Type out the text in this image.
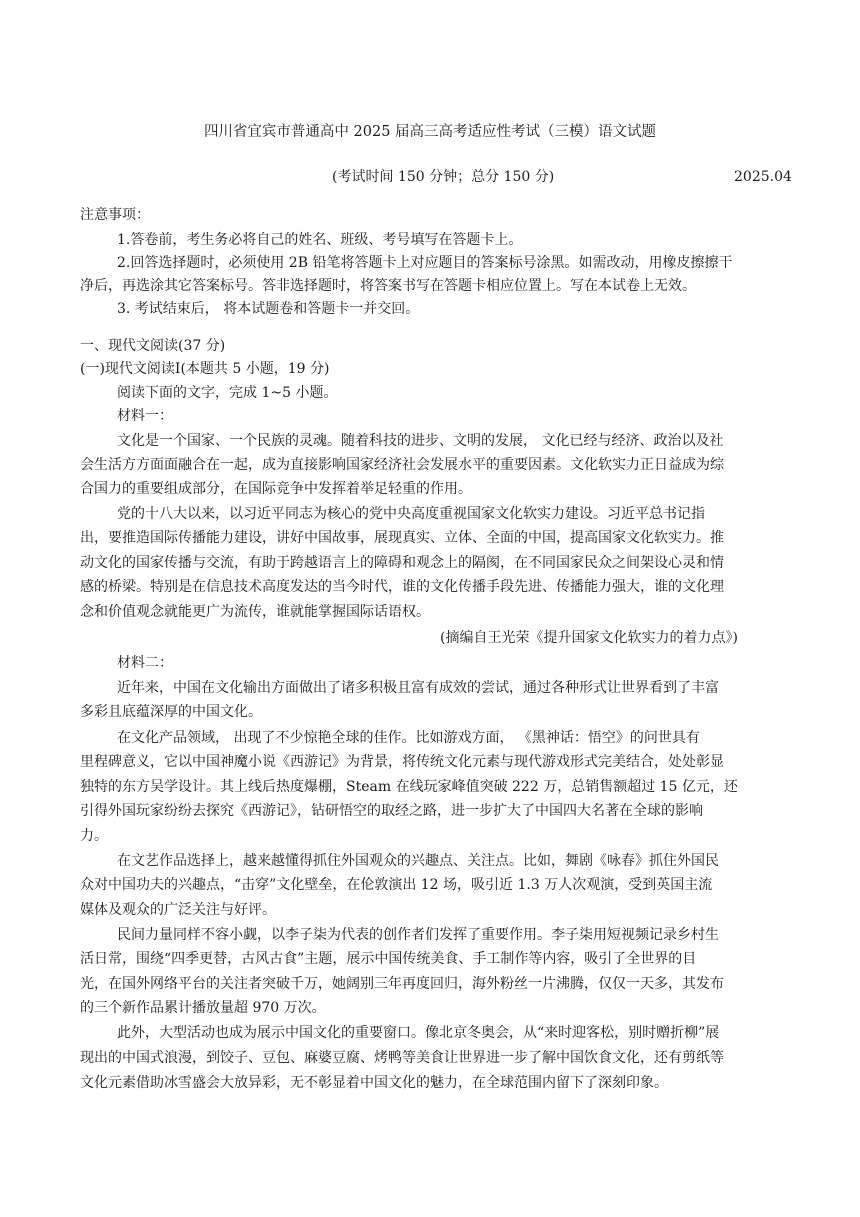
四川省宜宾市普通高中 2025 届高三高考适应性考试（三模）语文试题
(考试时间 150 分钟；总分 150 分)	2025.04
注意事项：
1.答卷前，考生务必将自己的姓名、班级、考号填写在答题卡上。
2.回答选择题时，必须使用 2B 铅笔将答题卡上对应题目的答案标号涂黑。如需改动，用橡皮擦擦干
净后，再选涂其它答案标号。答非选择题时，将答案书写在答题卡相应位置上。写在本试卷上无效。
3. 考试结束后， 将本试题卷和答题卡一并交回。
一、现代文阅读(37 分)
(一)现代文阅读Ⅰ(本题共 5 小题，19 分)
阅读下面的文字，完成 1~5 小题。
材料一：
文化是一个国家、一个民族的灵魂。随着科技的进步、文明的发展， 文化已经与经济、政治以及社
会生活方方面面融合在一起，成为直接影响国家经济社会发展水平的重要因素。文化软实力正日益成为综
合国力的重要组成部分，在国际竞争中发挥着举足轻重的作用。
党的十八大以来，以习近平同志为核心的党中央高度重视国家文化软实力建设。习近平总书记指
出，要推造国际传播能力建设，讲好中国故事，展现真实、立体、全面的中国，提高国家文化软实力。推
动文化的国家传播与交流，有助于跨越语言上的障碍和观念上的隔阂，在不同国家民众之间架设心灵和情
感的桥梁。特别是在信息技术高度发达的当今时代，谁的文化传播手段先进、传播能力强大，谁的文化理
念和价值观念就能更广为流传，谁就能掌握国际话语权。
(摘编自王光荣《提升国家文化软实力的着力点》)
材料二：
近年来，中国在文化输出方面做出了诸多积极且富有成效的尝试，通过各种形式让世界看到了丰富
多彩且底蕴深厚的中国文化。
在文化产品领域， 出现了不少惊艳全球的佳作。比如游戏方面， 《黑神话：悟空》的问世具有
里程碑意义，它以中国神魔小说《西游记》为背景，将传统文化元素与现代游戏形式完美结合，处处彰显
独特的东方吴学设计。其上线后热度爆棚，Steam 在线玩家峰值突破 222 万，总销售额超过 15 亿元，还
引得外国玩家纷纷去探究《西游记》，钻研悟空的取经之路，进一步扩大了中国四大名著在全球的影响
力。
在文艺作品选择上，越来越懂得抓住外国观众的兴趣点、关注点。比如，舞剧《咏春》抓住外国民
众对中国功夫的兴趣点，“击穿”文化壁垒，在伦敦演出 12 场，吸引近 1.3 万人次观演，受到英国主流
媒体及观众的广泛关注与好评。
民间力量同样不容小觑，以李子柒为代表的创作者们发挥了重要作用。李子柒用短视频记录乡村生
活日常，围绕“四季更替，古风古食”主题，展示中国传统美食、手工制作等内容，吸引了全世界的目
光，在国外网络平台的关注者突破千万，她阔别三年再度回归，海外粉丝一片沸腾，仅仅一天多，其发布
的三个新作品累计播放量超 970 万次。
此外，大型活动也成为展示中国文化的重要窗口。像北京冬奥会，从“来时迎客松，别时赠折柳”展
现出的中国式浪漫，到饺子、豆包、麻婆豆腐、烤鸭等美食让世界进一步了解中国饮食文化，还有剪纸等
文化元素借助冰雪盛会大放异彩，无不彰显着中国文化的魅力，在全球范围内留下了深刻印象。
